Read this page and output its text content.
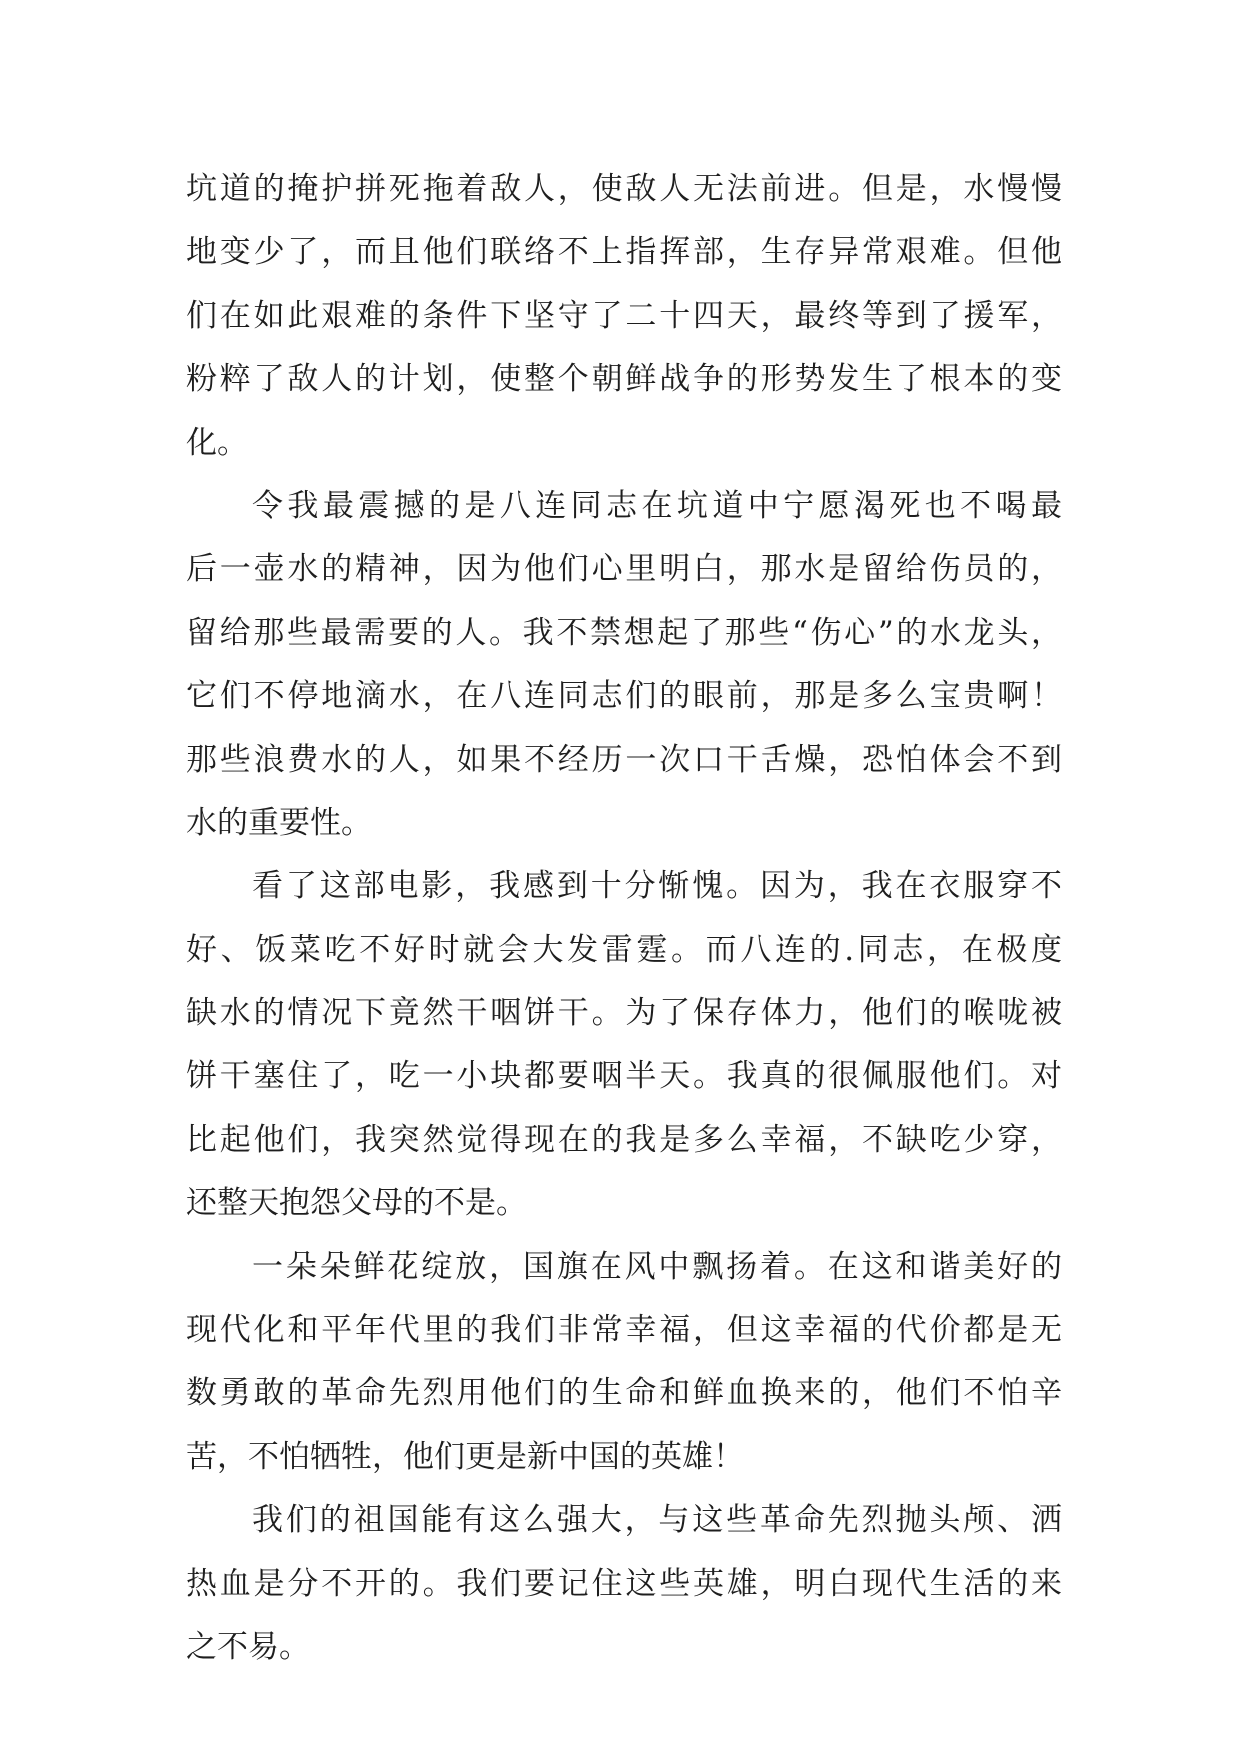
坑道的掩护拼死拖着敌人，使敌人无法前进。但是，水慢慢
地变少了，而且他们联络不上指挥部，生存异常艰难。但他
们在如此艰难的条件下坚守了二十四天，最终等到了援军，
粉粹了敌人的计划，使整个朝鲜战争的形势发生了根本的变
化。
令我最震撼的是八连同志在坑道中宁愿渴死也不喝最
后一壶水的精神，因为他们心里明白，那水是留给伤员的，
留给那些最需要的人。我不禁想起了那些“伤心”的水龙头，
它们不停地滴水，在八连同志们的眼前，那是多么宝贵啊！
那些浪费水的人，如果不经历一次口干舌燥，恐怕体会不到
水的重要性。
看了这部电影，我感到十分惭愧。因为，我在衣服穿不
好、饭菜吃不好时就会大发雷霆。而八连的.同志，在极度
缺水的情况下竟然干咽饼干。为了保存体力，他们的喉咙被
饼干塞住了，吃一小块都要咽半天。我真的很佩服他们。对
比起他们，我突然觉得现在的我是多么幸福，不缺吃少穿，
还整天抱怨父母的不是。
一朵朵鲜花绽放，国旗在风中飘扬着。在这和谐美好的
现代化和平年代里的我们非常幸福，但这幸福的代价都是无
数勇敢的革命先烈用他们的生命和鲜血换来的，他们不怕辛
苦，不怕牺牲，他们更是新中国的英雄！
我们的祖国能有这么强大，与这些革命先烈抛头颅、洒
热血是分不开的。我们要记住这些英雄，明白现代生活的来
之不易。
